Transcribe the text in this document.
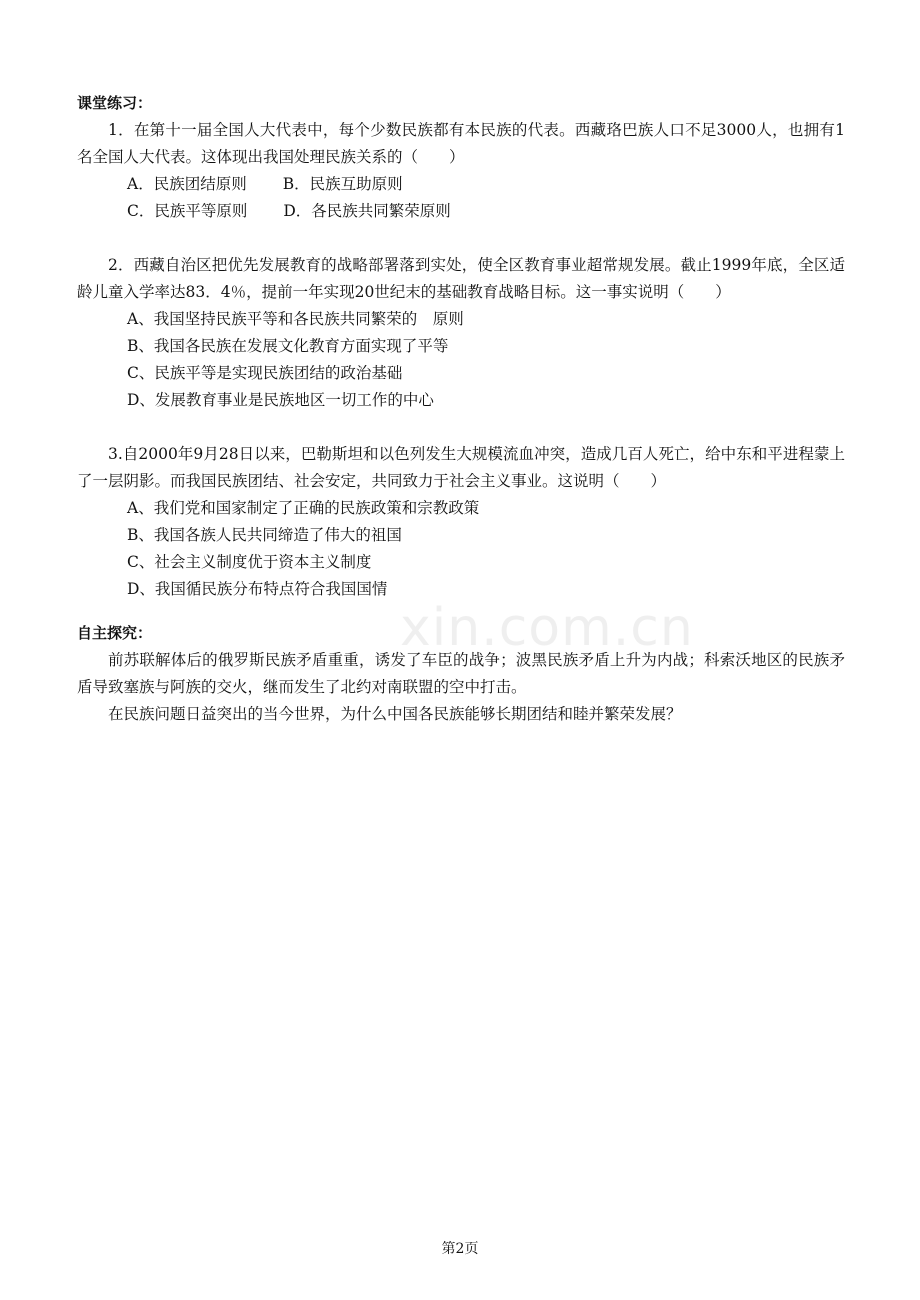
xin.com.cn
课堂练习：

1．在第十一届全国人大代表中，每个少数民族都有本民族的代表。西藏珞巴族人口不足3000人，也拥有1名全国人大代表。这体现出我国处理民族关系的（　　）

A．民族团结原则 B．民族互助原则
C．民族平等原则 D．各民族共同繁荣原则

2．西藏自治区把优先发展教育的战略部署落到实处，使全区教育事业超常规发展。截止1999年底，全区适龄儿童入学率达83．4％，提前一年实现20世纪末的基础教育战略目标。这一事实说明（　　）

A、我国坚持民族平等和各民族共同繁荣的　原则
B、我国各民族在发展文化教育方面实现了平等
C、民族平等是实现民族团结的政治基础
D、发展教育事业是民族地区一切工作的中心

3.自2000年9月28日以来，巴勒斯坦和以色列发生大规模流血冲突，造成几百人死亡，给中东和平进程蒙上了一层阴影。而我国民族团结、社会安定，共同致力于社会主义事业。这说明（　　）

A、我们党和国家制定了正确的民族政策和宗教政策
B、我国各族人民共同缔造了伟大的祖国
C、社会主义制度优于资本主义制度
D、我国循民族分布特点符合我国国情
自主探究：

前苏联解体后的俄罗斯民族矛盾重重，诱发了车臣的战争；波黑民族矛盾上升为内战；科索沃地区的民族矛盾导致塞族与阿族的交火，继而发生了北约对南联盟的空中打击。

在民族问题日益突出的当今世界，为什么中国各民族能够长期团结和睦并繁荣发展？

第2页
